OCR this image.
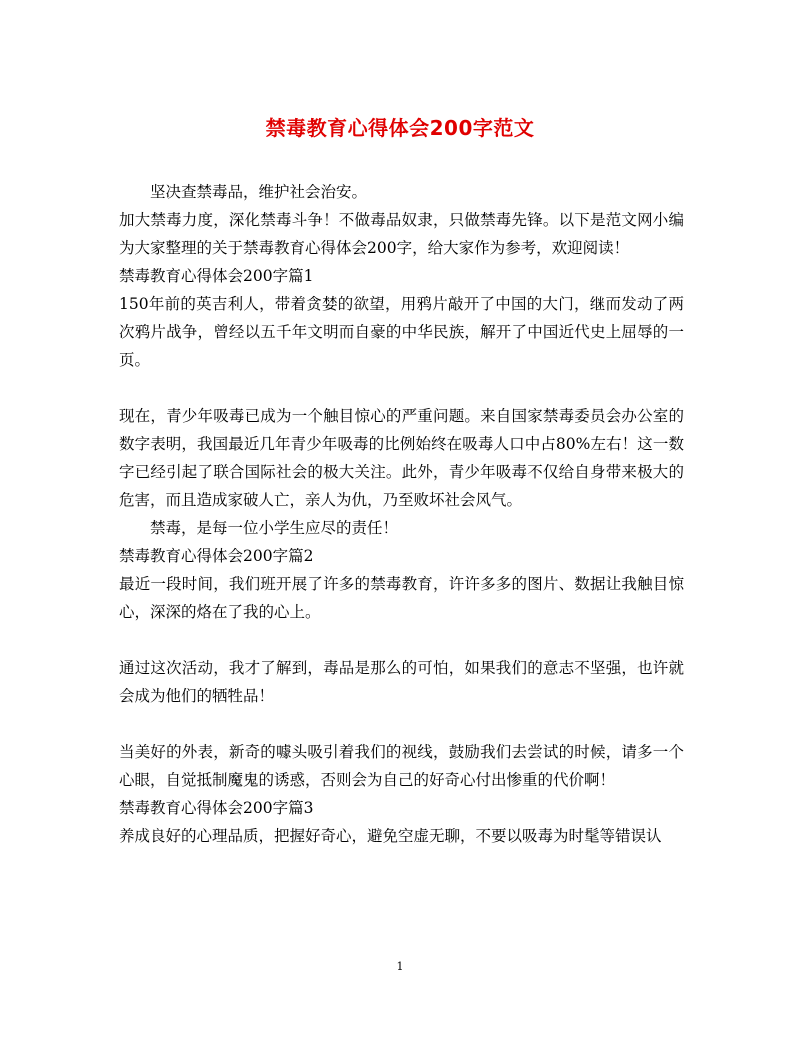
禁毒教育心得体会200字范文

坚决查禁毒品，维护社会治安。

加大禁毒力度，深化禁毒斗争！不做毒品奴隶，只做禁毒先锋。以下是范文网小编为大家整理的关于禁毒教育心得体会200字，给大家作为参考，欢迎阅读！

禁毒教育心得体会200字篇1

150年前的英吉利人，带着贪婪的欲望，用鸦片敲开了中国的大门，继而发动了两次鸦片战争，曾经以五千年文明而自豪的中华民族，解开了中国近代史上屈辱的一页。

现在，青少年吸毒已成为一个触目惊心的严重问题。来自国家禁毒委员会办公室的数字表明，我国最近几年青少年吸毒的比例始终在吸毒人口中占80%左右！这一数字已经引起了联合国际社会的极大关注。此外，青少年吸毒不仅给自身带来极大的危害，而且造成家破人亡，亲人为仇，乃至败坏社会风气。

禁毒，是每一位小学生应尽的责任！

禁毒教育心得体会200字篇2

最近一段时间，我们班开展了许多的禁毒教育，许许多多的图片、数据让我触目惊心，深深的烙在了我的心上。

通过这次活动，我才了解到，毒品是那么的可怕，如果我们的意志不坚强，也许就会成为他们的牺牲品！

当美好的外表，新奇的噱头吸引着我们的视线，鼓励我们去尝试的时候，请多一个心眼，自觉抵制魔鬼的诱惑，否则会为自己的好奇心付出惨重的代价啊！

禁毒教育心得体会200字篇3

养成良好的心理品质，把握好奇心，避免空虚无聊，不要以吸毒为时髦等错误认

1
